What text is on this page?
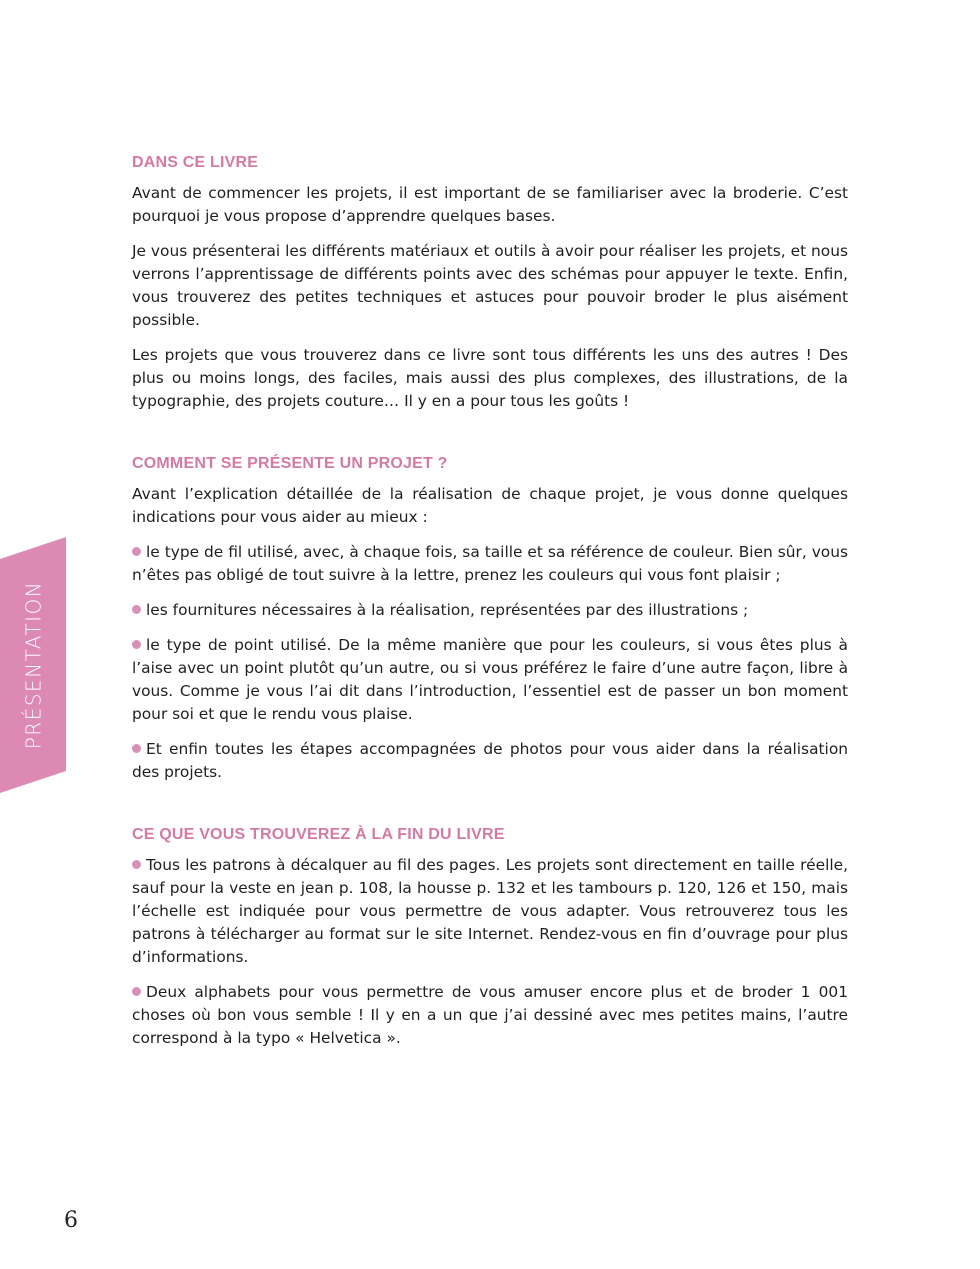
PRÉSENTATION
DANS CE LIVRE

Avant de commencer les projets, il est important de se familiariser avec la broderie. C’est pourquoi je vous propose d’apprendre quelques bases.

Je vous présenterai les différents matériaux et outils à avoir pour réaliser les projets, et nous verrons l’apprentissage de différents points avec des schémas pour appuyer le texte. Enfin, vous trouverez des petites techniques et astuces pour pouvoir broder le plus aisément possible.

Les projets que vous trouverez dans ce livre sont tous différents les uns des autres ! Des plus ou moins longs, des faciles, mais aussi des plus complexes, des illustrations, de la typographie, des projets couture… Il y en a pour tous les goûts !

COMMENT SE PRÉSENTE UN PROJET ?

Avant l’explication détaillée de la réalisation de chaque projet, je vous donne quelques indications pour vous aider au mieux :

le type de fil utilisé, avec, à chaque fois, sa taille et sa référence de couleur. Bien sûr, vous n’êtes pas obligé de tout suivre à la lettre, prenez les couleurs qui vous font plaisir ;

les fournitures nécessaires à la réalisation, représentées par des illustrations ;

le type de point utilisé. De la même manière que pour les couleurs, si vous êtes plus à l’aise avec un point plutôt qu’un autre, ou si vous préférez le faire d’une autre façon, libre à vous. Comme je vous l’ai dit dans l’introduction, l’essentiel est de passer un bon moment pour soi et que le rendu vous plaise.

Et enfin toutes les étapes accompagnées de photos pour vous aider dans la réalisation des projets.

CE QUE VOUS TROUVEREZ À LA FIN DU LIVRE

Tous les patrons à décalquer au fil des pages. Les projets sont directement en taille réelle, sauf pour la veste en jean p. 108, la housse p. 132 et les tambours p. 120, 126 et 150, mais l’échelle est indiquée pour vous permettre de vous adapter. Vous retrouverez tous les patrons à télécharger au format sur le site Internet. Rendez-vous en fin d’ouvrage pour plus d’informations.

Deux alphabets pour vous permettre de vous amuser encore plus et de broder 1 001 choses où bon vous semble ! Il y en a un que j’ai dessiné avec mes petites mains, l’autre correspond à la typo « Helvetica ».

6
